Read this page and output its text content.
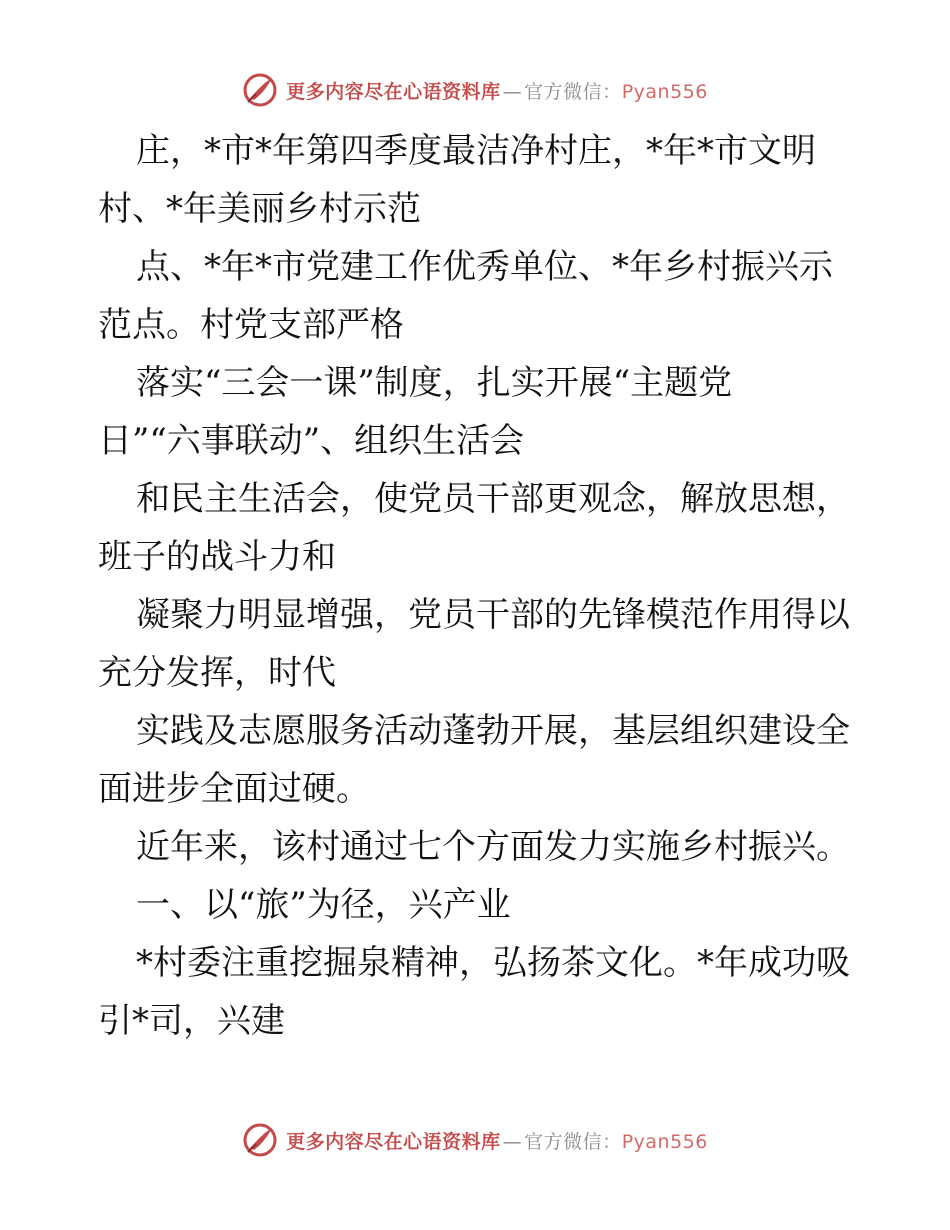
更多内容尽在心语资料库 — 官方微信：Pyan556
庄，*市*年第四季度最洁净村庄，*年*市文明
村、*年美丽乡村示范
点、*年*市党建工作优秀单位、*年乡村振兴示
范点。村党支部严格
落实“三会一课”制度，扎实开展“主题党
日”“六事联动”、组织生活会
和民主生活会，使党员干部更观念，解放思想，
班子的战斗力和
凝聚力明显增强，党员干部的先锋模范作用得以
充分发挥，时代
实践及志愿服务活动蓬勃开展，基层组织建设全
面进步全面过硬。
近年来，该村通过七个方面发力实施乡村振兴。
一、以“旅”为径，兴产业
*村委注重挖掘泉精神，弘扬茶文化。*年成功吸
引*司，兴建
更多内容尽在心语资料库 — 官方微信：Pyan556
